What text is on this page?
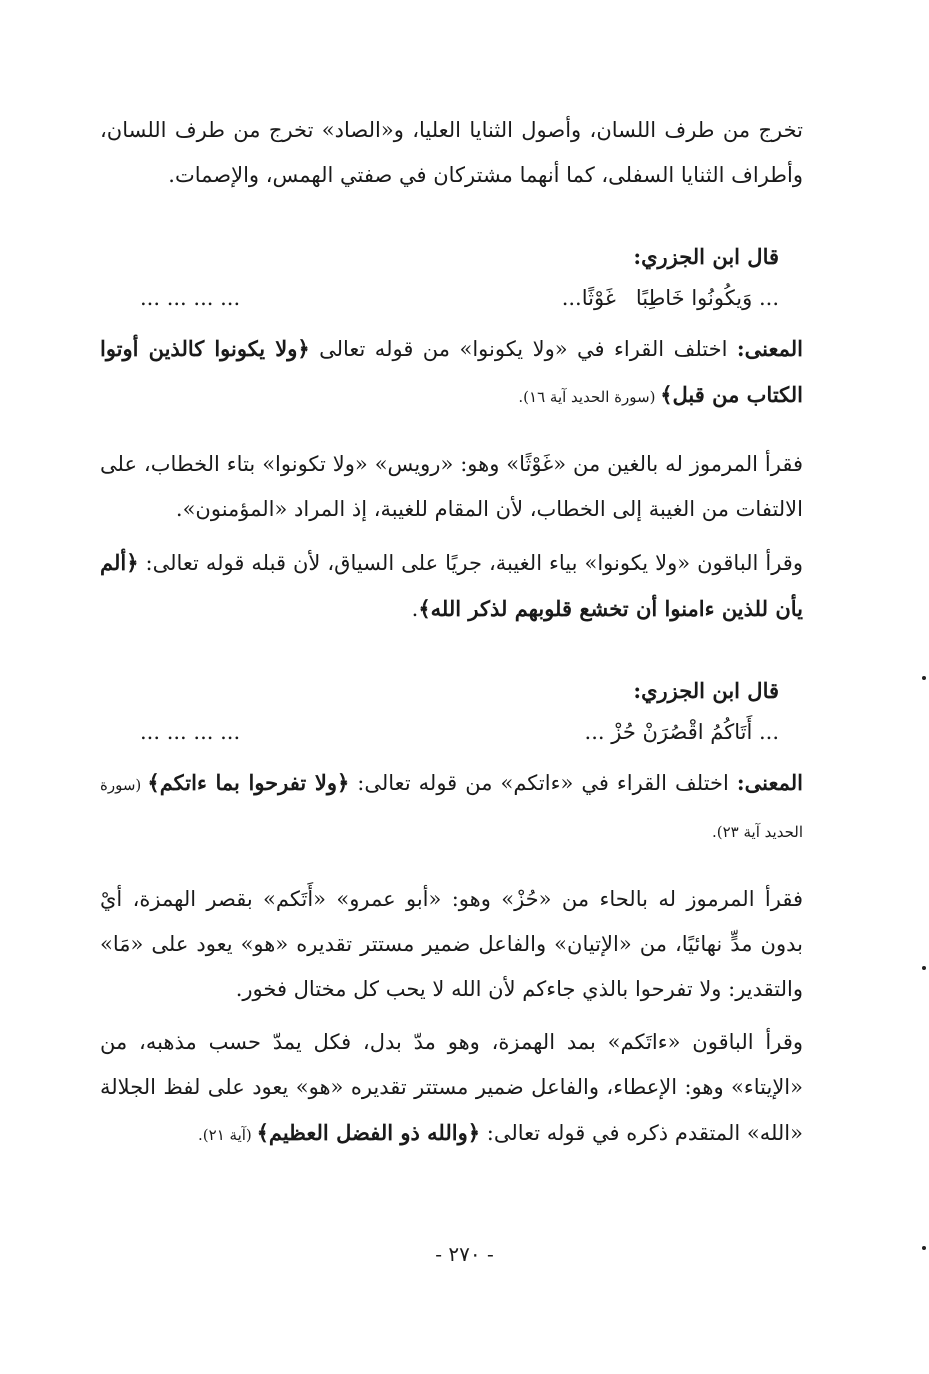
تخرج من طرف اللسان، وأصول الثنايا العليا، و«الصاد» تخرج من طرف اللسان، وأطراف الثنايا السفلى، كما أنهما مشتركان في صفتي الهمس، والإصمات.

قال ابن الجزري:

... وَيكُونُوا خَاطِبًا   غَوْثًا...
... ... ... ...

المعنى: اختلف القراء في «ولا يكونوا» من قوله تعالى ﴿ولا يكونوا كالذين أوتوا الكتاب من قبل﴾ (سورة الحديد آية ١٦).

فقرأ المرموز له بالغين من «غَوْثًا» وهو: «رويس» «ولا تكونوا» بتاء الخطاب، على الالتفات من الغيبة إلى الخطاب، لأن المقام للغيبة، إذ المراد «المؤمنون».

وقرأ الباقون «ولا يكونوا» بياء الغيبة، جريًا على السياق، لأن قبله قوله تعالى: ﴿ألم يأن للذين ءامنوا أن تخشع قلوبهم لذكر الله﴾.

قال ابن الجزري:

... أَتَاكُمُ اقْصُرَنْ حُزْ ...
... ... ... ...

المعنى: اختلف القراء في «ءاتكم» من قوله تعالى: ﴿ولا تفرحوا بما ءاتكم﴾ (سورة الحديد آية ٢٣).

فقرأ المرموز له بالحاء من «حُزْ» وهو: «أبو عمرو» «أَتَكم» بقصر الهمزة، أيْ بدون مدٍّ نهائيًا، من «الإتيان» والفاعل ضمير مستتر تقديره «هو» يعود على «مَا» والتقدير: ولا تفرحوا بالذي جاءكم لأن الله لا يحب كل مختال فخور.

وقرأ الباقون «ءاتَكم» بمد الهمزة، وهو مدّ بدل، فكل يمدّ حسب مذهبه، من «الإيتاء» وهو: الإعطاء، والفاعل ضمير مستتر تقديره «هو» يعود على لفظ الجلالة «الله» المتقدم ذكره في قوله تعالى: ﴿والله ذو الفضل العظيم﴾ (آية ٢١).

- ٢٧٠ -
